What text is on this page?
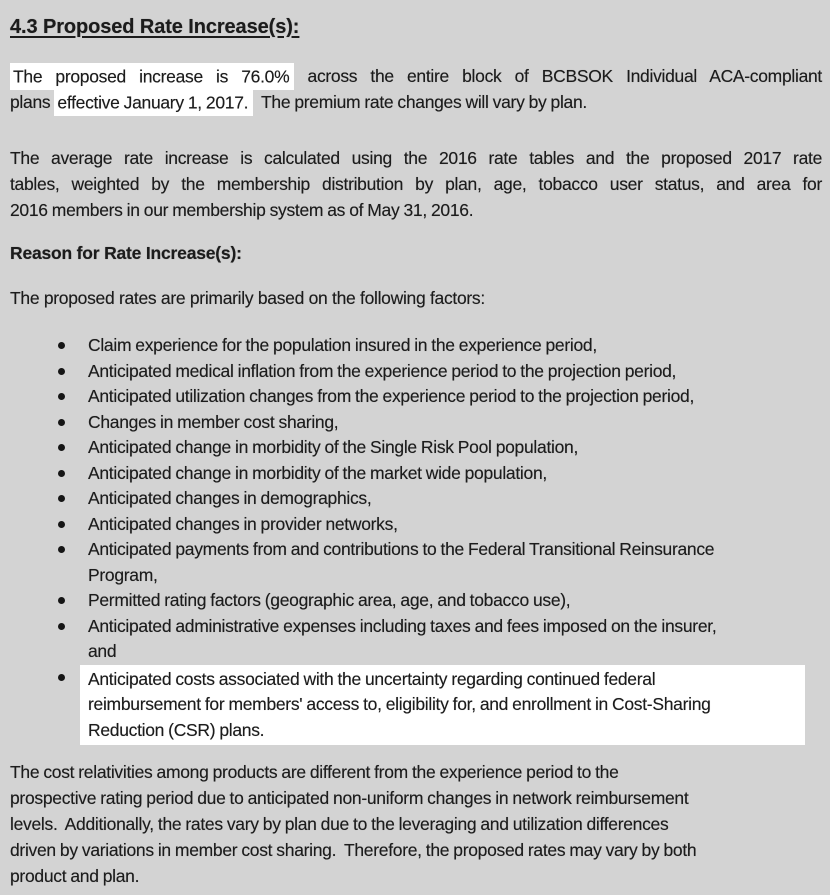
4.3 Proposed Rate Increase(s):
The proposed increase is 76.0% across the entire block of BCBSOK Individual ACA-compliant
plans effective January 1, 2017.  The premium rate changes will vary by plan.
The average rate increase is calculated using the 2016 rate tables and the proposed 2017 rate
tables, weighted by the membership distribution by plan, age, tobacco user status, and area for
2016 members in our membership system as of May 31, 2016.
Reason for Rate Increase(s):
The proposed rates are primarily based on the following factors:
Claim experience for the population insured in the experience period,
Anticipated medical inflation from the experience period to the projection period,
Anticipated utilization changes from the experience period to the projection period,
Changes in member cost sharing,
Anticipated change in morbidity of the Single Risk Pool population,
Anticipated change in morbidity of the market wide population,
Anticipated changes in demographics,
Anticipated changes in provider networks,
Anticipated payments from and contributions to the Federal Transitional Reinsurance
Program,
Permitted rating factors (geographic area, age, and tobacco use),
Anticipated administrative expenses including taxes and fees imposed on the insurer,
and
Anticipated costs associated with the uncertainty regarding continued federal
reimbursement for members' access to, eligibility for, and enrollment in Cost-Sharing
Reduction (CSR) plans.
The cost relativities among products are different from the experience period to the
prospective rating period due to anticipated non-uniform changes in network reimbursement
levels.  Additionally, the rates vary by plan due to the leveraging and utilization differences
driven by variations in member cost sharing.  Therefore, the proposed rates may vary by both
product and plan.
